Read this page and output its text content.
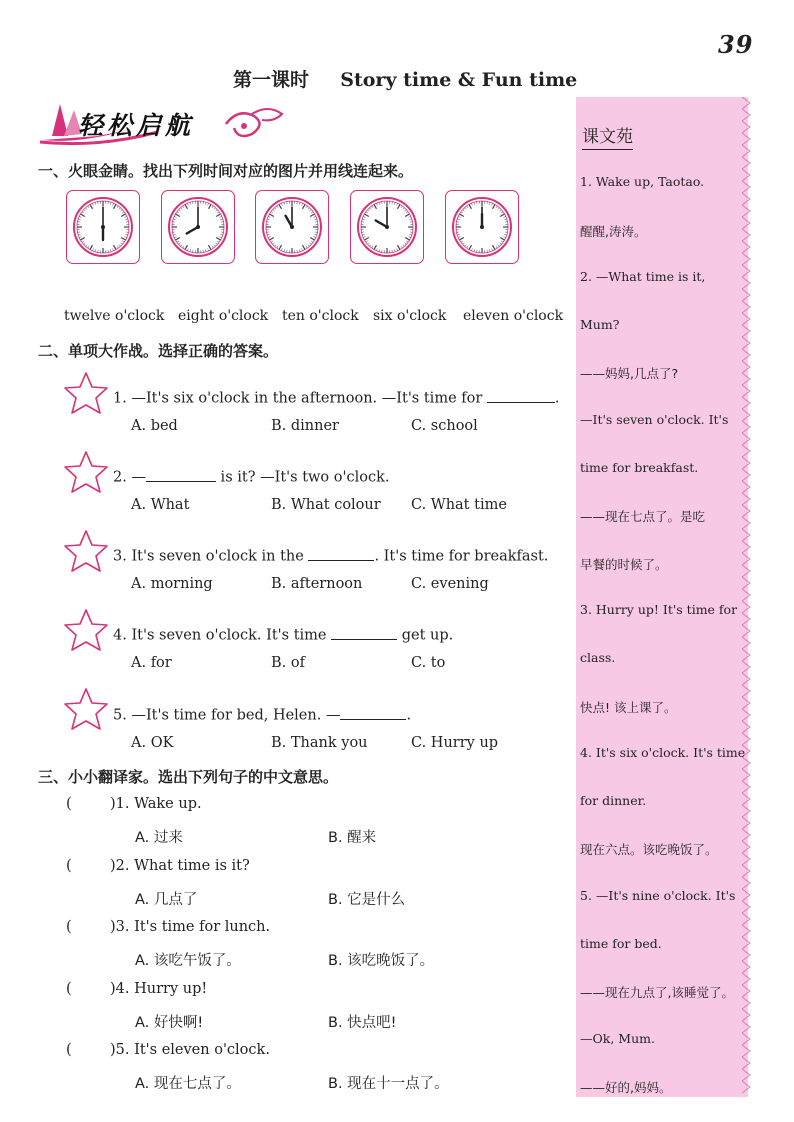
39
第一课时 Story time & Fun time
轻松启航
一、火眼金睛。找出下列时间对应的图片并用线连起来。
twelve o'clock eight o'clock ten o'clock six o'clock eleven o'clock
二、单项大作战。选择正确的答案。
1. —It's six o'clock in the afternoon. —It's time for	.
A. bed	B. dinner	C. school
2. —	is it? —It's two o'clock.
A. What	B. What colour C. What time
3. It's seven o'clock in the	. It's time for breakfast.
A. morning	B. afternoon	C. evening
4. It's seven o'clock. It's time	get up.
A. for	B. of	C. to
5. —It's time for bed, Helen. —	.
A. OK	B. Thank you	C. Hurry up
三、小小翻译家。选出下列句子的中文意思。
(	)1. Wake up.
A. 过来	B. 醒来
(	)2. What time is it?
A. 几点了	B. 它是什么
(	)3. It's time for lunch.
A. 该吃午饭了。	B. 该吃晚饭了。
(	)4. Hurry up!
A. 好快啊!	B. 快点吧!
(	)5. It's eleven o'clock.
A. 现在七点了。	B. 现在十一点了。
课文苑
1. Wake up, Taotao.
醒醒,涛涛。
2. —What time is it,
Mum?
——妈妈,几点了?
—It's seven o'clock. It's
time for breakfast.
——现在七点了。是吃
早餐的时候了。
3. Hurry up! It's time for
class.
快点! 该上课了。
4. It's six o'clock. It's time
for dinner.
现在六点。该吃晚饭了。
5. —It's nine o'clock. It's
time for bed.
——现在九点了,该睡觉了。
—Ok, Mum.
——好的,妈妈。
